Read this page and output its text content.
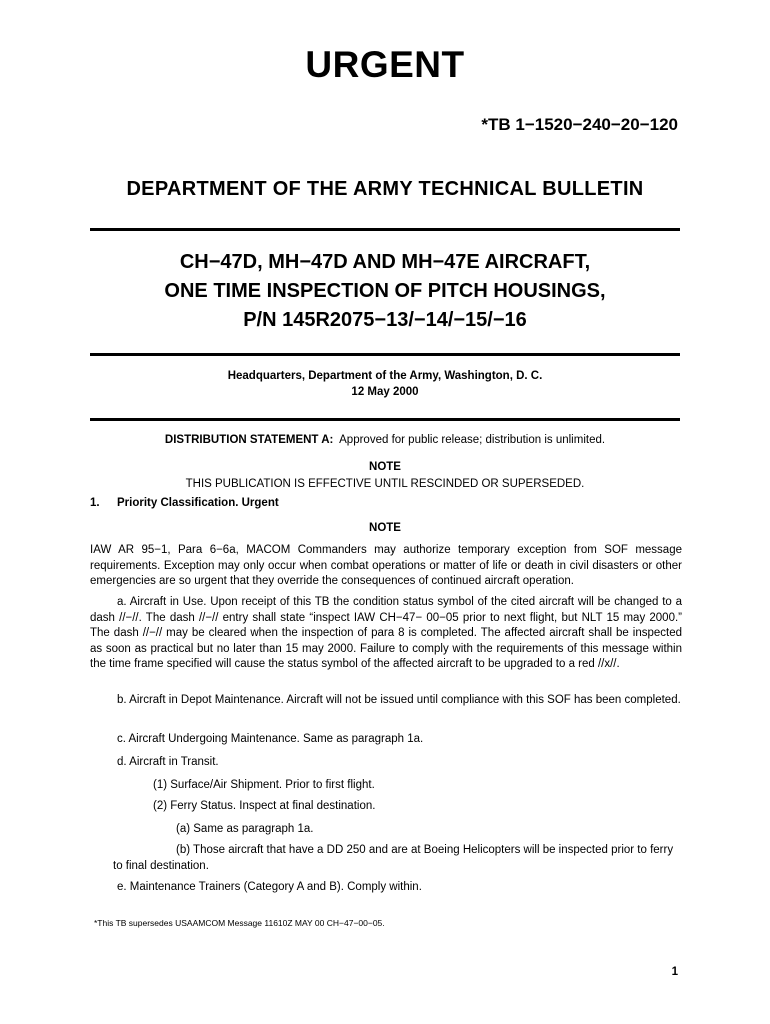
URGENT
*TB 1−1520−240−20−120
DEPARTMENT OF THE ARMY TECHNICAL BULLETIN
CH−47D, MH−47D AND MH−47E AIRCRAFT,
ONE TIME INSPECTION OF PITCH HOUSINGS,
P/N 145R2075−13/−14/−15/−16
Headquarters, Department of the Army, Washington, D. C.
12 May 2000
DISTRIBUTION STATEMENT A: Approved for public release; distribution is unlimited.
NOTE
THIS PUBLICATION IS EFFECTIVE UNTIL RESCINDED OR SUPERSEDED.
1. Priority Classification. Urgent
NOTE
IAW AR 95−1, Para 6−6a, MACOM Commanders may authorize temporary exception from SOF message requirements. Exception may only occur when combat operations or matter of life or death in civil disasters or other emergencies are so urgent that they override the consequences of continued aircraft operation.
a. Aircraft in Use. Upon receipt of this TB the condition status symbol of the cited aircraft will be changed to a dash //−//. The dash //−// entry shall state “inspect IAW CH−47− 00−05 prior to next flight, but NLT 15 may 2000.” The dash //−// may be cleared when the inspection of para 8 is completed. The affected aircraft shall be inspected as soon as practical but no later than 15 may 2000. Failure to comply with the requirements of this message within the time frame specified will cause the status symbol of the affected aircraft to be upgraded to a red //x//.
b. Aircraft in Depot Maintenance. Aircraft will not be issued until compliance with this SOF has been completed.
c. Aircraft Undergoing Maintenance. Same as paragraph 1a.
d. Aircraft in Transit.
(1) Surface/Air Shipment. Prior to first flight.
(2) Ferry Status. Inspect at final destination.
(a) Same as paragraph 1a.
(b) Those aircraft that have a DD 250 and are at Boeing Helicopters will be inspected prior to ferry to final destination.
e. Maintenance Trainers (Category A and B). Comply within.
*This TB supersedes USAAMCOM Message 11610Z MAY 00 CH−47−00−05.
1
